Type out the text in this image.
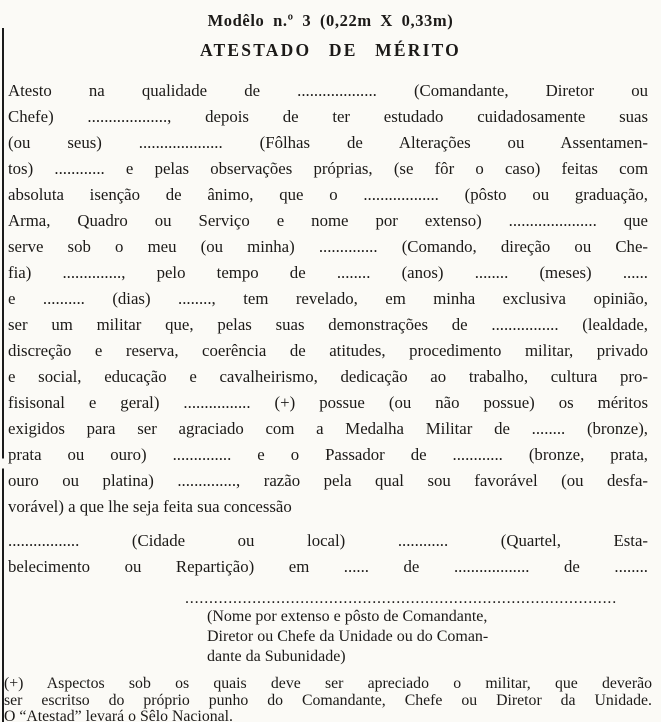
Modêlo n.º 3 (0,22m X 0,33m)
ATESTADO DE MÉRITO
Atesto na qualidade de ................... (Comandante, Diretor ou
Chefe) ..................., depois de ter estudado cuidadosamente suas
(ou seus) .................... (Fôlhas de Alterações ou Assentamen-
tos) ............ e pelas observações próprias, (se fôr o caso) feitas com
absoluta isenção de ânimo, que o .................. (pôsto ou graduação,
Arma, Quadro ou Serviço e nome por extenso) ..................... que
serve sob o meu (ou minha) .............. (Comando, direção ou Che-
fia) .............., pelo tempo de ........ (anos) ........ (meses) ......
e .......... (dias) ........, tem revelado, em minha exclusiva opinião,
ser um militar que, pelas suas demonstrações de ................ (lealdade,
discreção e reserva, coerência de atitudes, procedimento militar, privado
e social, educação e cavalheirismo, dedicação ao trabalho, cultura pro-
fisisonal e geral) ................ (+) possue (ou não possue) os méritos
exigidos para ser agraciado com a Medalha Militar de ........ (bronze),
prata ou ouro) .............. e o Passador de ............ (bronze, prata,
ouro ou platina) .............., razão pela qual sou favorável (ou desfa-
vorável) a que lhe seja feita sua concessão
................. (Cidade ou local) ............ (Quartel, Esta-
belecimento ou Repartição) em ...... de .................. de ........
..........................................................................................
(Nome por extenso e pôsto de Comandante,
Diretor ou Chefe da Unidade ou do Coman-
dante da Subunidade)
(+) Aspectos sob os quais deve ser apreciado o militar, que deverão
ser escritso do próprio punho do Comandante, Chefe ou Diretor da Unidade.
O “Atestad” levará o Sêlo Nacional.
